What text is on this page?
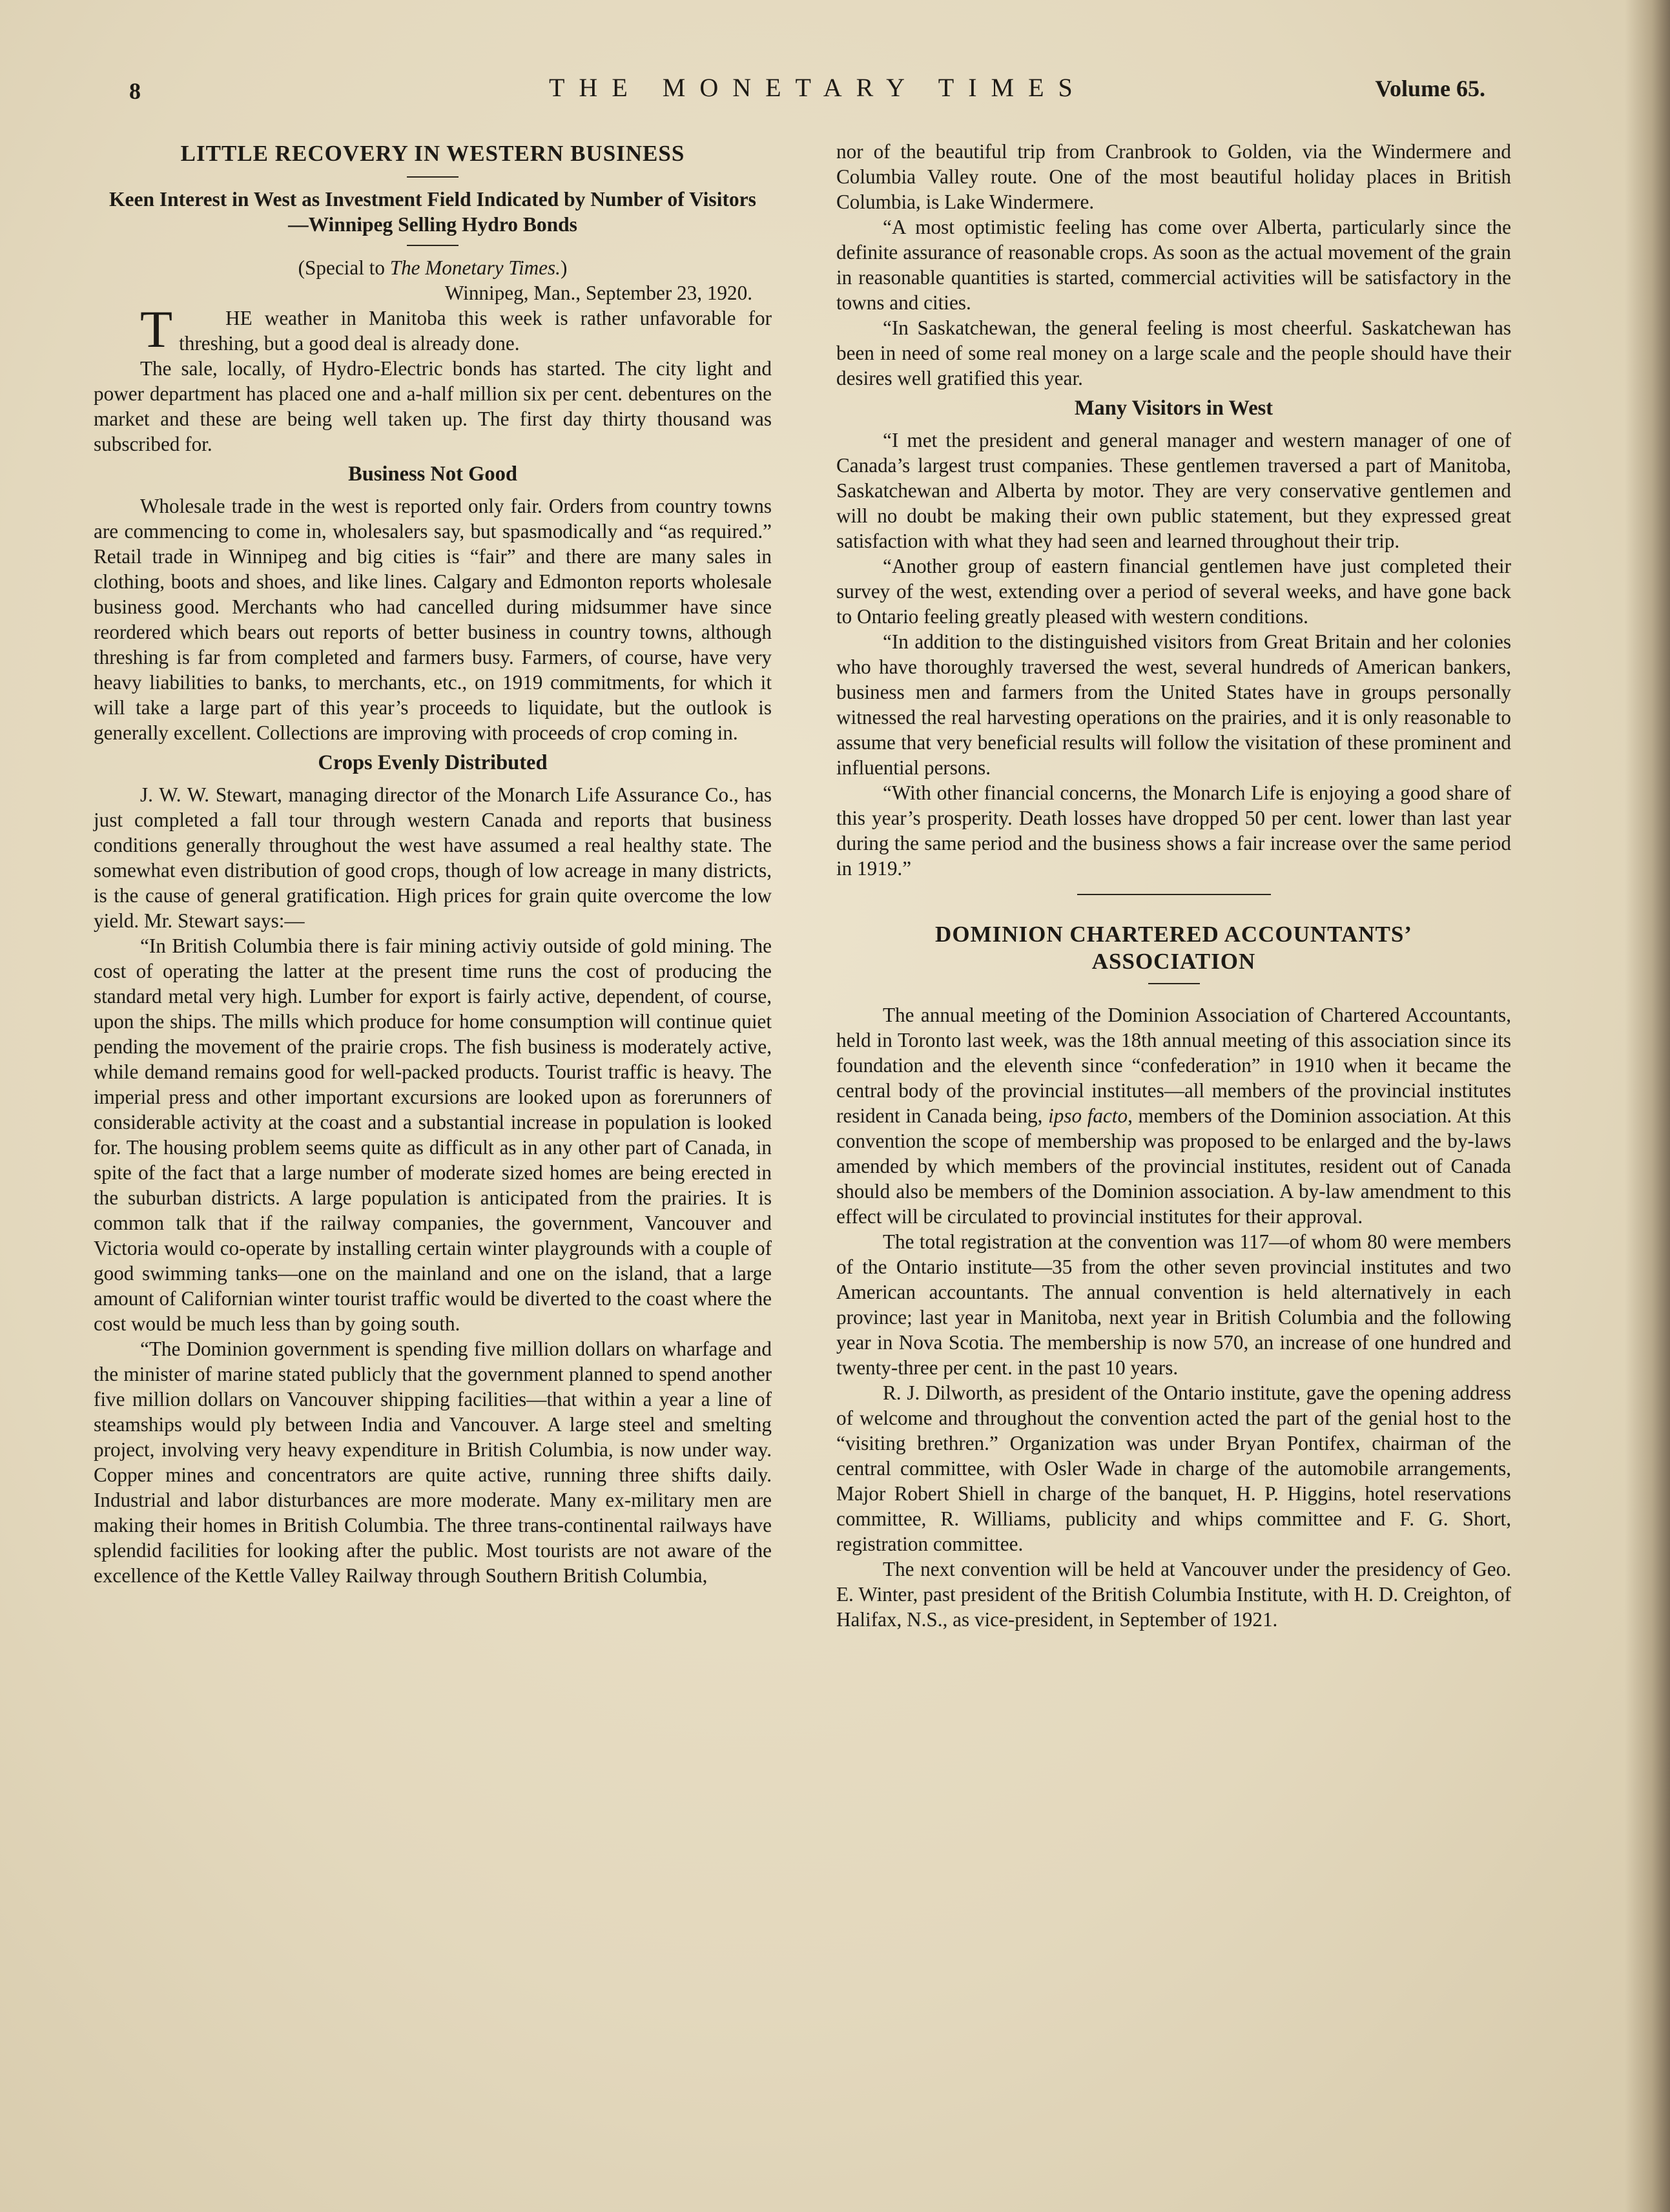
8	THE MONETARY TIMES	Volume 65.
LITTLE RECOVERY IN WESTERN BUSINESS
Keen Interest in West as Investment Field Indicated by Number of Visitors—Winnipeg Selling Hydro Bonds
(Special to The Monetary Times.)
Winnipeg, Man., September 23, 1920.

T	HE weather in Manitoba this week is rather unfavorable for threshing, but a good deal is already done.

The sale, locally, of Hydro-Electric bonds has started. The city light and power department has placed one and a-half million six per cent. debentures on the market and these are being well taken up. The first day thirty thousand was subscribed for.

Business Not Good

Wholesale trade in the west is reported only fair. Orders from country towns are commencing to come in, wholesalers say, but spasmodically and “as required.” Retail trade in Winnipeg and big cities is “fair” and there are many sales in clothing, boots and shoes, and like lines. Calgary and Edmonton reports wholesale business good. Merchants who had cancelled during midsummer have since reordered which bears out reports of better business in country towns, although threshing is far from completed and farmers busy. Farmers, of course, have very heavy liabilities to banks, to merchants, etc., on 1919 commitments, for which it will take a large part of this year’s proceeds to liquidate, but the outlook is generally excellent. Collections are improving with proceeds of crop coming in.

Crops Evenly Distributed

J. W. W. Stewart, managing director of the Monarch Life Assurance Co., has just completed a fall tour through western Canada and reports that business conditions generally throughout the west have assumed a real healthy state. The somewhat even distribution of good crops, though of low acreage in many districts, is the cause of general gratification. High prices for grain quite overcome the low yield. Mr. Stewart says:—

“In British Columbia there is fair mining activiy outside of gold mining. The cost of operating the latter at the present time runs the cost of producing the standard metal very high. Lumber for export is fairly active, dependent, of course, upon the ships. The mills which produce for home consumption will continue quiet pending the movement of the prairie crops. The fish business is moderately active, while demand remains good for well-packed products. Tourist traffic is heavy. The imperial press and other important excursions are looked upon as forerunners of considerable activity at the coast and a substantial increase in population is looked for. The housing problem seems quite as difficult as in any other part of Canada, in spite of the fact that a large number of moderate sized homes are being erected in the suburban districts. A large population is anticipated from the prairies. It is common talk that if the railway companies, the government, Vancouver and Victoria would co-operate by installing certain winter playgrounds with a couple of good swimming tanks—one on the mainland and one on the island, that a large amount of Californian winter tourist traffic would be diverted to the coast where the cost would be much less than by going south.

“The Dominion government is spending five million dollars on wharfage and the minister of marine stated publicly that the government planned to spend another five million dollars on Vancouver shipping facilities—that within a year a line of steamships would ply between India and Vancouver. A large steel and smelting project, involving very heavy expenditure in British Columbia, is now under way. Copper mines and concentrators are quite active, running three shifts daily. Industrial and labor disturbances are more moderate. Many ex-military men are making their homes in British Columbia. The three trans-continental railways have splendid facilities for looking after the public. Most tourists are not aware of the excellence of the Kettle Valley Railway through Southern British Columbia,

nor of the beautiful trip from Cranbrook to Golden, via the Windermere and Columbia Valley route. One of the most beautiful holiday places in British Columbia, is Lake Windermere.

“A most optimistic feeling has come over Alberta, particularly since the definite assurance of reasonable crops. As soon as the actual movement of the grain in reasonable quantities is started, commercial activities will be satisfactory in the towns and cities.

“In Saskatchewan, the general feeling is most cheerful. Saskatchewan has been in need of some real money on a large scale and the people should have their desires well gratified this year.

Many Visitors in West

“I met the president and general manager and western manager of one of Canada’s largest trust companies. These gentlemen traversed a part of Manitoba, Saskatchewan and Alberta by motor. They are very conservative gentlemen and will no doubt be making their own public statement, but they expressed great satisfaction with what they had seen and learned throughout their trip.

“Another group of eastern financial gentlemen have just completed their survey of the west, extending over a period of several weeks, and have gone back to Ontario feeling greatly pleased with western conditions.

“In addition to the distinguished visitors from Great Britain and her colonies who have thoroughly traversed the west, several hundreds of American bankers, business men and farmers from the United States have in groups personally witnessed the real harvesting operations on the prairies, and it is only reasonable to assume that very beneficial results will follow the visitation of these prominent and influential persons.

“With other financial concerns, the Monarch Life is enjoying a good share of this year’s prosperity. Death losses have dropped 50 per cent. lower than last year during the same period and the business shows a fair increase over the same period in 1919.”

DOMINION CHARTERED ACCOUNTANTS’ ASSOCIATION

The annual meeting of the Dominion Association of Chartered Accountants, held in Toronto last week, was the 18th annual meeting of this association since its foundation and the eleventh since “confederation” in 1910 when it became the central body of the provincial institutes—all members of the provincial institutes resident in Canada being, ipso facto, members of the Dominion association. At this convention the scope of membership was proposed to be enlarged and the by-laws amended by which members of the provincial institutes, resident out of Canada should also be members of the Dominion association. A by-law amendment to this effect will be circulated to provincial institutes for their approval.

The total registration at the convention was 117—of whom 80 were members of the Ontario institute—35 from the other seven provincial institutes and two American accountants. The annual convention is held alternatively in each province; last year in Manitoba, next year in British Columbia and the following year in Nova Scotia. The membership is now 570, an increase of one hundred and twenty-three per cent. in the past 10 years.

R. J. Dilworth, as president of the Ontario institute, gave the opening address of welcome and throughout the convention acted the part of the genial host to the “visiting brethren.” Organization was under Bryan Pontifex, chairman of the central committee, with Osler Wade in charge of the automobile arrangements, Major Robert Shiell in charge of the banquet, H. P. Higgins, hotel reservations committee, R. Williams, publicity and whips committee and F. G. Short, registration committee.

The next convention will be held at Vancouver under the presidency of Geo. E. Winter, past president of the British Columbia Institute, with H. D. Creighton, of Halifax, N.S., as vice-president, in September of 1921.
